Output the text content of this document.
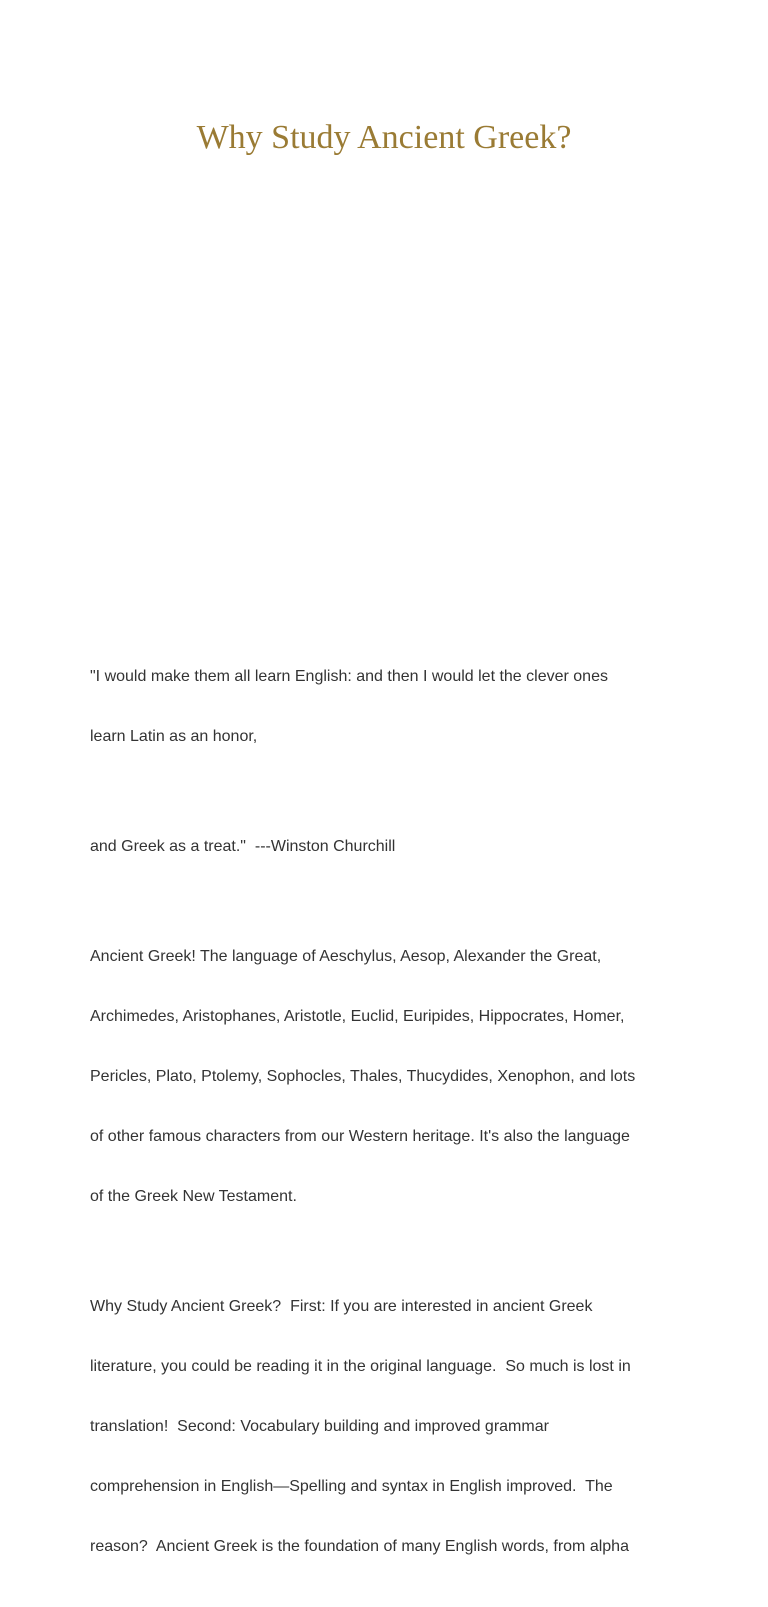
Why Study Ancient Greek?

"I would make them all learn English: and then I would let the clever ones

learn Latin as an honor,

and Greek as a treat."  ---Winston Churchill

Ancient Greek! The language of Aeschylus, Aesop, Alexander the Great,

Archimedes, Aristophanes, Aristotle, Euclid, Euripides, Hippocrates, Homer,

Pericles, Plato, Ptolemy, Sophocles, Thales, Thucydides, Xenophon, and lots

of other famous characters from our Western heritage. It's also the language

of the Greek New Testament.

Why Study Ancient Greek?  First: If you are interested in ancient Greek

literature, you could be reading it in the original language.  So much is lost in

translation!  Second: Vocabulary building and improved grammar

comprehension in English—Spelling and syntax in English improved.  The

reason?  Ancient Greek is the foundation of many English words, from alpha
